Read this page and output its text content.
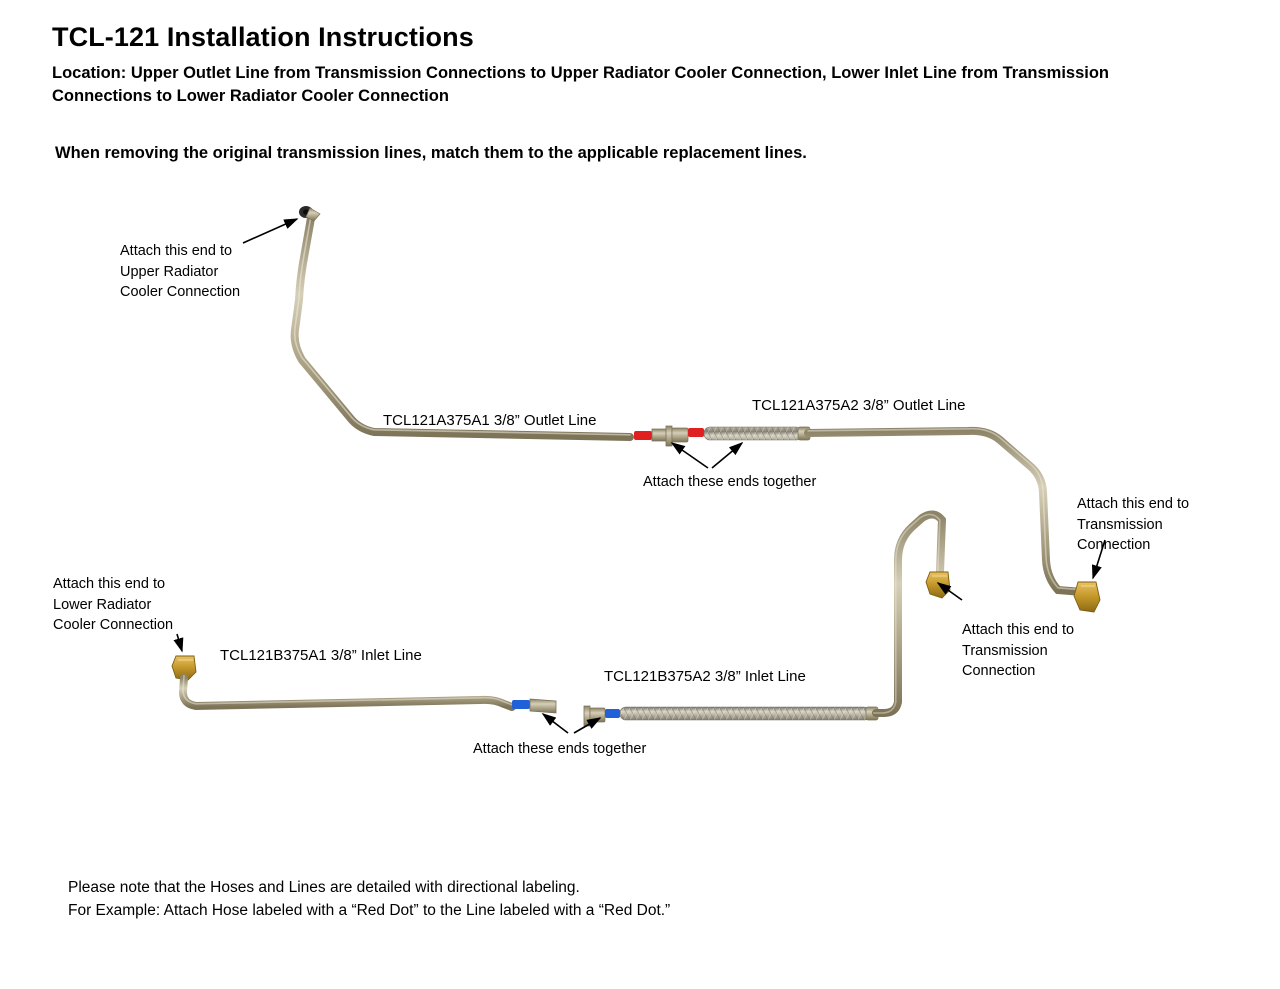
TCL-121 Installation Instructions
Location: Upper Outlet Line from Transmission Connections to Upper Radiator Cooler Connection, Lower Inlet Line from Transmission Connections to Lower Radiator Cooler Connection
When removing the original transmission lines, match them to the applicable replacement lines.
Attach this end to
Upper Radiator
Cooler Connection
Attach this end to
Transmission
Connection
Attach this end to
Transmission
Connection
Attach this end to
Lower Radiator
Cooler Connection
Attach these ends together
Attach these ends together
TCL121A375A1 3/8” Outlet Line
TCL121A375A2 3/8” Outlet Line
TCL121B375A1 3/8” Inlet Line
TCL121B375A2 3/8” Inlet Line
Please note that the Hoses and Lines are detailed with directional labeling.
For Example: Attach Hose labeled with a “Red Dot” to the Line labeled with a “Red Dot.”
